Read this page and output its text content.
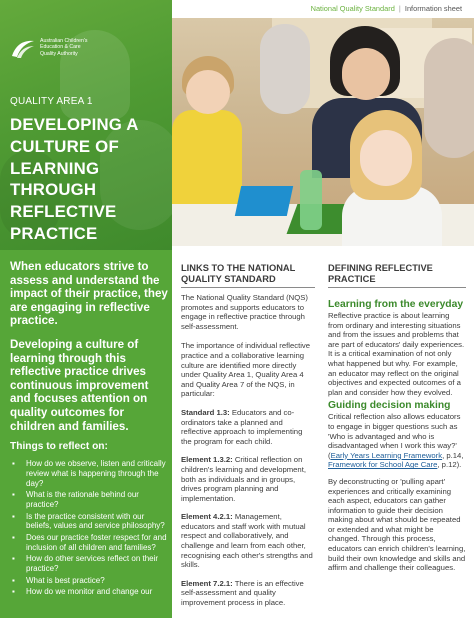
National Quality Standard | Information sheet
Australian Children's
Education & Care
Quality Authority
QUALITY AREA 1
DEVELOPING A
CULTURE OF
LEARNING
THROUGH
REFLECTIVE
PRACTICE

When educators strive to assess and understand the impact of their practice, they are engaging in reflective practice.

Developing a culture of learning through this reflective practice drives continuous improvement and focuses attention on quality outcomes for children and families.

Things to reflect on:
▪ How do we observe, listen and critically review what is happening through the day?
▪ What is the rationale behind our practice?
▪ Is the practice consistent with our beliefs, values and service philosophy?
▪ Does our practice foster respect for and inclusion of all children and families?
▪ How do other services reflect on their practice?
▪ What is best practice?
▪ How do we monitor and change our
LINKS TO THE NATIONAL QUALITY STANDARD

The National Quality Standard (NQS) promotes and supports educators to engage in reflective practice through self-assessment.

The importance of individual reflective practice and a collaborative learning culture are identified more directly under Quality Area 1, Quality Area 4 and Quality Area 7 of the NQS, in particular:

Standard 1.3: Educators and co-ordinators take a planned and reflective approach to implementing the program for each child.

Element 1.3.2: Critical reflection on children's learning and development, both as individuals and in groups, drives program planning and implementation.

Element 4.2.1: Management, educators and staff work with mutual respect and collaboratively, and challenge and learn from each other, recognising each other's strengths and skills.

Element 7.2.1: There is an effective self-assessment and quality improvement process in place.

DEFINING REFLECTIVE PRACTICE
Learning from the everyday

Reflective practice is about learning from ordinary and interesting situations and from the issues and problems that are part of educators' daily experiences. It is a critical examination of not only what happened but why. For example, an educator may reflect on the original objectives and expected outcomes of a plan and consider how they evolved.

Guiding decision making

Critical reflection also allows educators to engage in bigger questions such as 'Who is advantaged and who is disadvantaged when I work this way?' (Early Years Learning Framework, p.14, Framework for School Age Care, p.12).

By deconstructing or 'pulling apart' experiences and critically examining each aspect, educators can gather information to guide their decision making about what should be repeated or extended and what might be changed. Through this process, educators can enrich children's learning, build their own knowledge and skills and affirm and challenge their colleagues.
